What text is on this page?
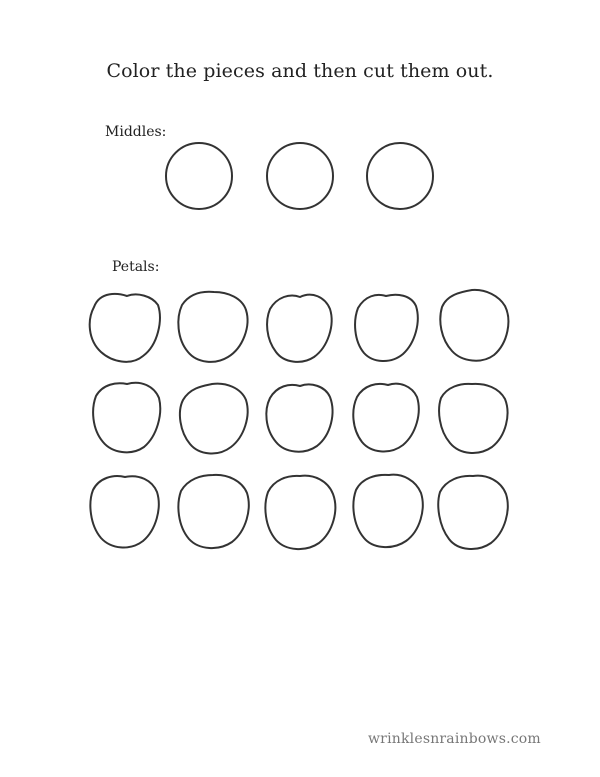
Color the pieces and then cut them out.
Middles:
Petals:
wrinklesnrainbows.com
